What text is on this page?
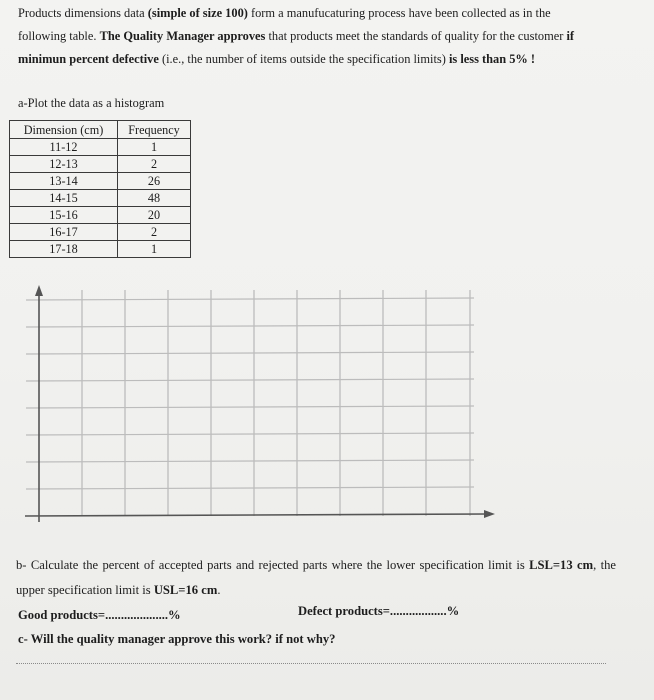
Products dimensions data (simple of size 100) form a manufucaturing process have been collected as in the following table. The Quality Manager approves that products meet the standards of quality for the customer if minimun percent defective (i.e., the number of items outside the specification limits) is less than 5% !
a-Plot the data as a histogram
Dimension (cm)	Frequency
11-12	1
12-13	2
13-14	26
14-15	48
15-16	20
16-17	2
17-18	1
b- Calculate the percent of accepted parts and rejected parts where the lower specification limit is LSL=13 cm, the upper specification limit is USL=16 cm.
Good products=....................%	Defect products=..................%
c- Will the quality manager approve this work? if not why?
